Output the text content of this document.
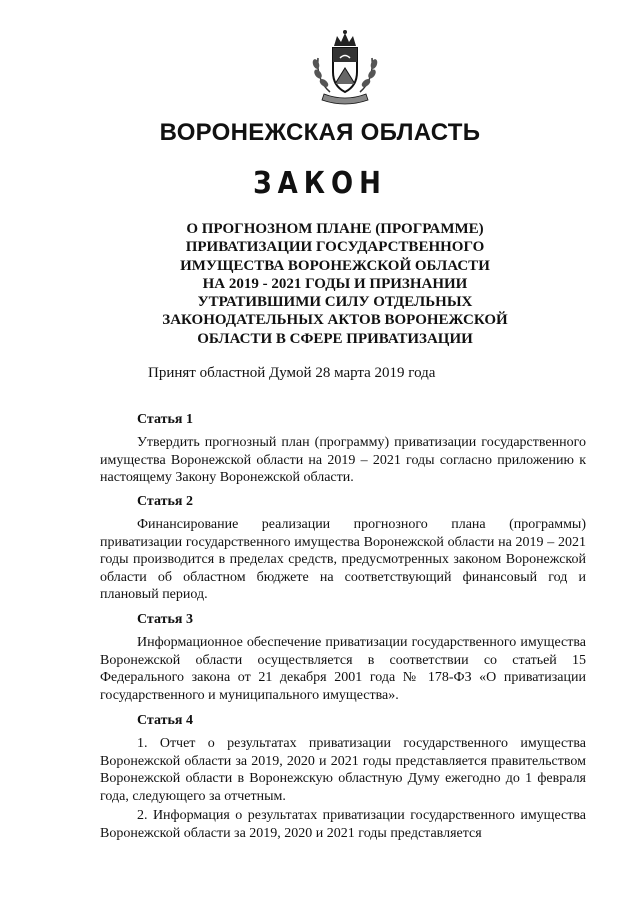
ВОРОНЕЖСКАЯ ОБЛАСТЬ
ЗАКОН
О ПРОГНОЗНОМ ПЛАНЕ (ПРОГРАММЕ)
ПРИВАТИЗАЦИИ ГОСУДАРСТВЕННОГО
ИМУЩЕСТВА ВОРОНЕЖСКОЙ ОБЛАСТИ
НА 2019 - 2021 ГОДЫ И ПРИЗНАНИИ
УТРАТИВШИМИ СИЛУ ОТДЕЛЬНЫХ
ЗАКОНОДАТЕЛЬНЫХ АКТОВ ВОРОНЕЖСКОЙ
ОБЛАСТИ В СФЕРЕ ПРИВАТИЗАЦИИ
Принят областной Думой 28 марта 2019 года
Статья 1

Утвердить прогнозный план (программу) приватизации государственного имущества Воронежской области на 2019 – 2021 годы согласно приложению к настоящему Закону Воронежской области.

Статья 2

Финансирование реализации прогнозного плана (программы) приватизации государственного имущества Воронежской области на 2019 – 2021 годы производится в пределах средств, предусмотренных законом Воронежской области об областном бюджете на соответствующий финансовый год и плановый период.

Статья 3

Информационное обеспечение приватизации государственного имущества Воронежской области осуществляется в соответствии со статьей 15 Федерального закона от 21 декабря 2001 года № 178-ФЗ «О приватизации государственного и муниципального имущества».

Статья 4

1. Отчет о результатах приватизации государственного имущества Воронежской области за 2019, 2020 и 2021 годы представляется правительством Воронежской области в Воронежскую областную Думу ежегодно до 1 февраля года, следующего за отчетным.

2. Информация о результатах приватизации государственного имущества Воронежской области за 2019, 2020 и 2021 годы представляется
